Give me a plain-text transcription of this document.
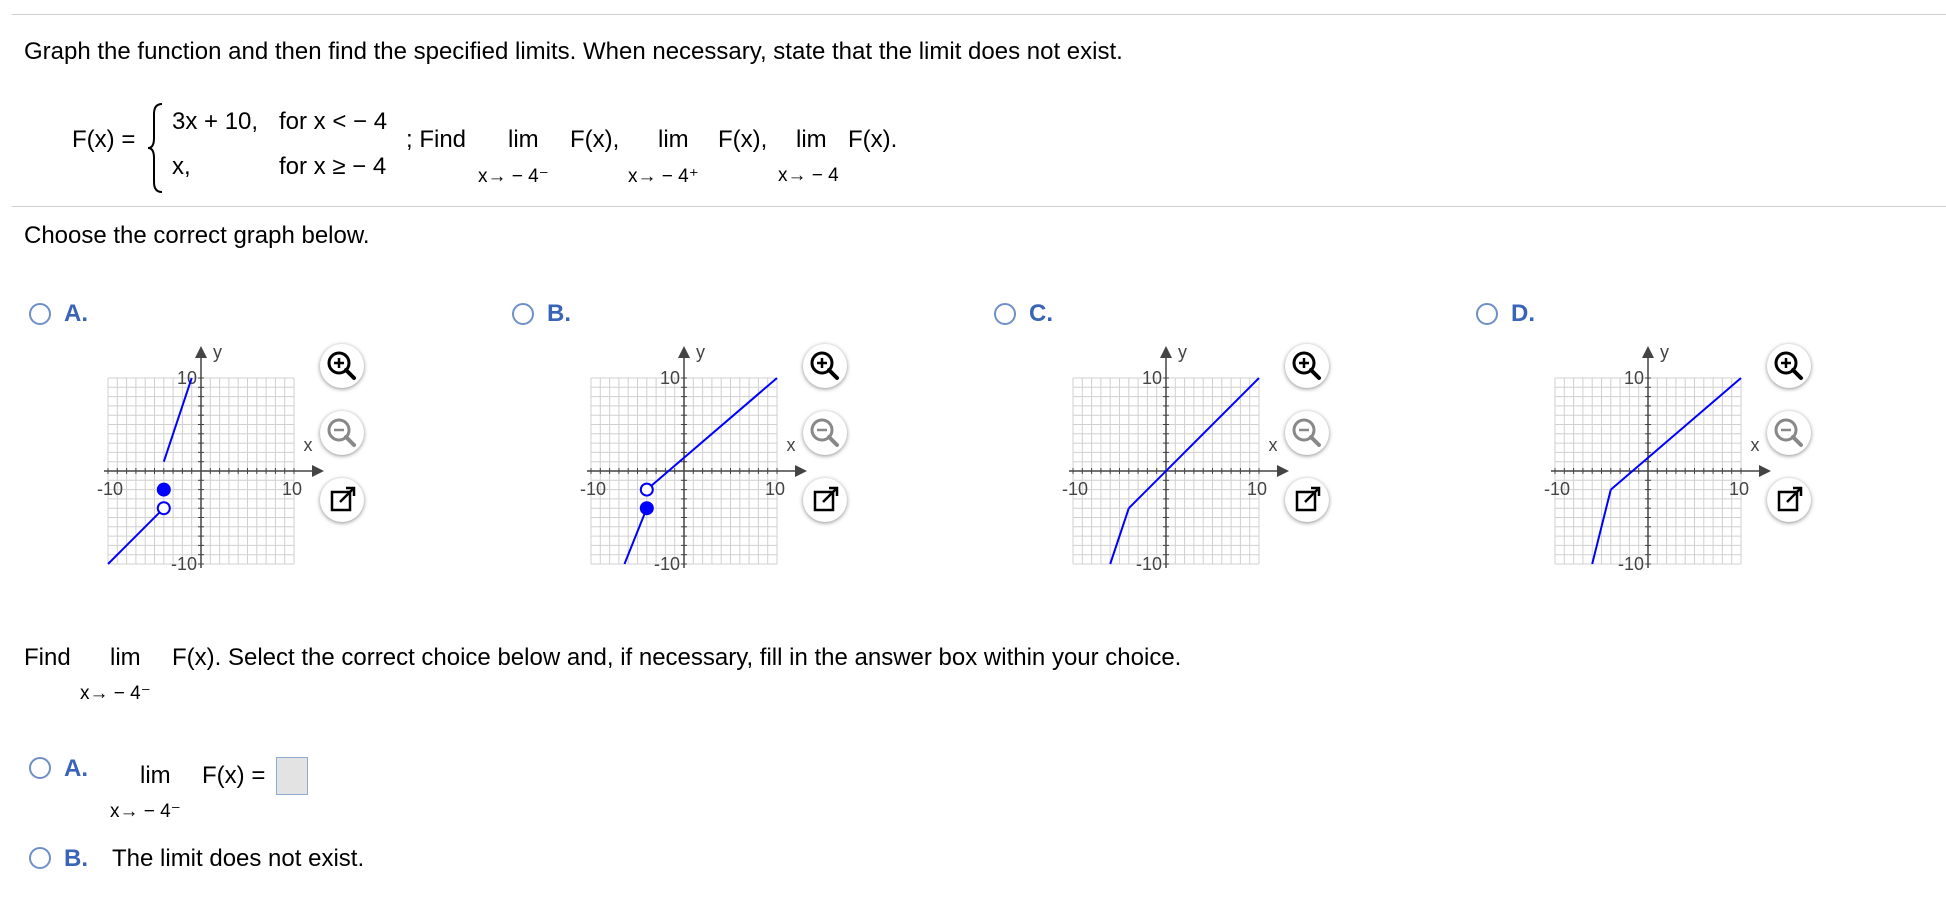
Graph the function and then find the specified limits. When necessary, state that the limit does not exist.
F(x) =
3x + 10, for x < − 4
x,	for x ≥ − 4
; Find lim F(x),
x→ − 4⁻
lim F(x),
x→ − 4⁺
lim F(x).
x→ − 4
Choose the correct graph below.
A.
y
x
10
-10
-10	10
B.
y
x
10
-10
-10	10
C.
y
x
10
-10
-10	10
D.
y
x
10
-10
-10	10
Find lim
x→ − 4⁻
F(x). Select the correct choice below and, if necessary, fill in the answer box within your choice.
A. lim F(x) =
x→ − 4⁻
B. The limit does not exist.
